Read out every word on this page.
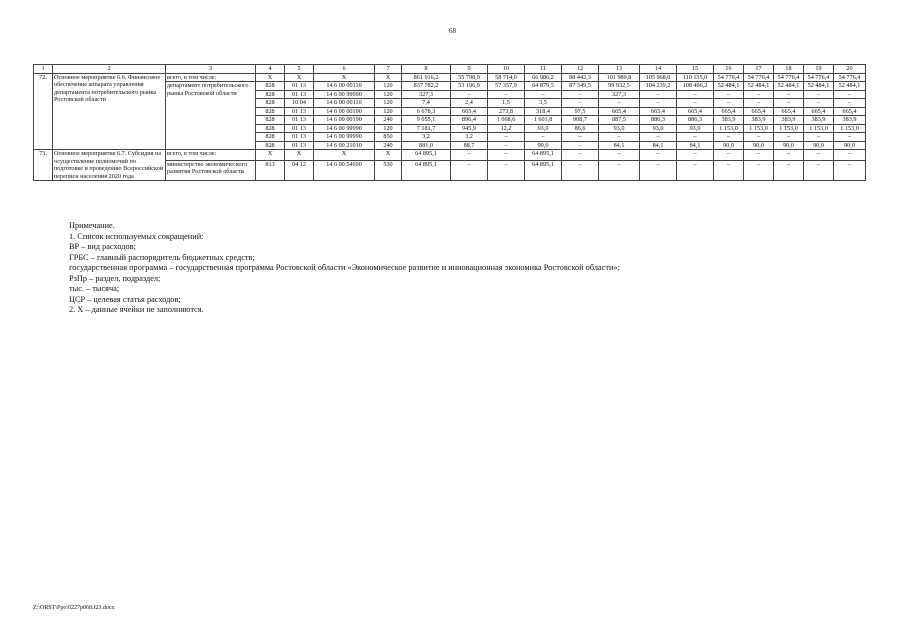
68
1	2	3	4	5	6	7	8	9	10	11	12	13	14	15	16	17	18	19	20
72.	Основное мероприятие 6.6. Финансовое обеспечение аппарата управления департамента потребительского рынка Ростовской области	всего, в том числе:	X	X	X	X	861 916,2	55 798,9	58 714,0	66 986,2	88 442,3	101 989,8	105 968,0	110 135,0	54 776,4	54 776,4	54 776,4	54 776,4	54 776,4
		департамент потребительского рынка Ростовской области	828	01 13	14 6 00 00110	120	837 782,2	53 196,9	57 357,9	64 879,5	87 349,5	99 932,5	104 239,2	108 406,2	52 484,1	52 484,1	52 484,1	52 484,1	52 484,1
			828	01 13	14 6 00 99990	120	327,3	–	–	–	–	327,3	–	–	–	–	–	–	–
			828	10 04	14 6 00 00110	120	7,4	2,4	1,5	3,5	–	–	–	–	–	–	–	–	–
			828	01 13	14 6 00 00190	120	6 678,3	665,4	273,8	318,4	97,5	665,4	665,4	665,4	665,4	665,4	665,4	665,4	665,4
			828	01 13	14 6 00 00190	240	9 055,1	896,4	1 068,6	1 601,8	908,7	887,5	886,3	886,3	383,9	383,9	383,9	383,9	383,9
			828	01 13	14 6 00 99990	120	7 181,7	945,9	12,2	93,0	86,6	93,0	93,0	93,0	1 153,0	1 153,0	1 153,0	1 153,0	1 153,0
			828	01 13	14 6 00 99990	850	3,2	3,2	–	–	–	–	–	–	–	–	–	–	–
			828	01 13	14 6 00 21010	240	881,0	88,7	–	90,0	–	84,1	84,1	84,1	90,0	90,0	90,0	90,0	90,0
73.	Основное мероприятие 6.7. Субсидия на осуществление полномочий по подготовке и проведению Всероссийской переписи населения 2020 года	всего, в том числе:	X	X	X	X	64 895,1	–	–	64 895,1	–	–	–	–	–	–	–	–	–
		министерство экономического развития Ростовской области	813	04 12	14 6 00 54690	530	64 895,1	–	–	64 895,1	–	–	–	–	–	–	–	–	–
Примечание.
1. Список используемых сокращений:
ВР – вид расходов;
ГРБС – главный распорядитель бюджетных средств;
государственная программа – государственная программа Ростовской области «Экономическое развитие и инновационная экономика Ростовской области»;
РзПр – раздел, подраздел;
тыс. – тысяча;
ЦСР – целевая статья расходов;
2. X – данные ячейки не заполняются.
Z:\ORST\Ppo\0227p068.f23.docx
